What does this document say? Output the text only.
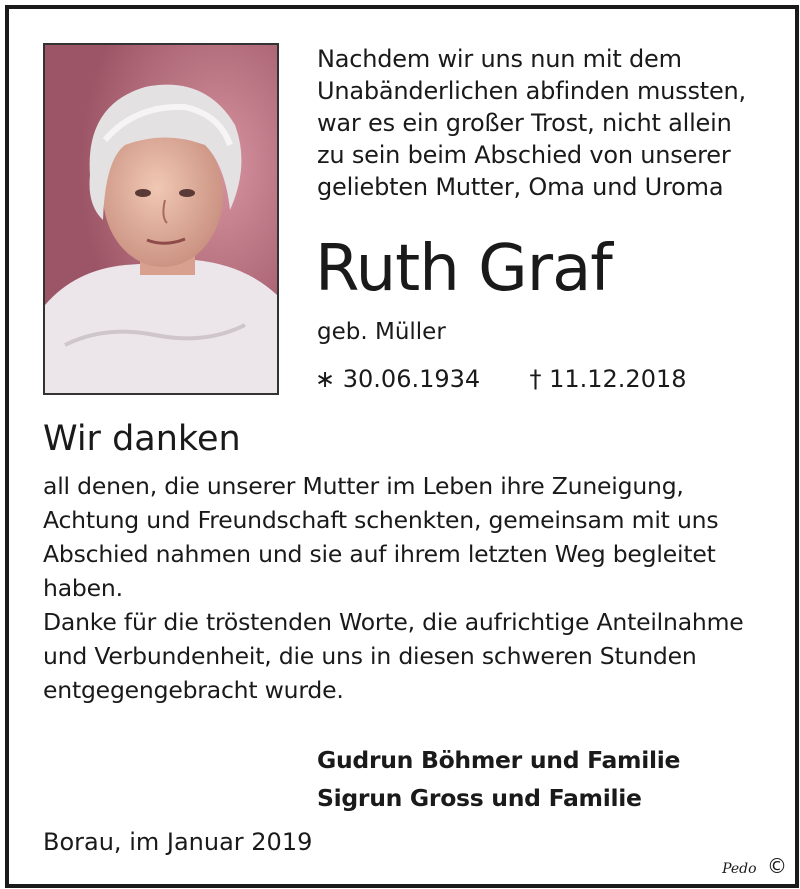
Nachdem wir uns nun mit dem
Unabänderlichen abfinden mussten,
war es ein großer Trost, nicht allein
zu sein beim Abschied von unserer
geliebten Mutter, Oma und Uroma
Ruth Graf
geb. Müller
∗ 30.06.1934 † 11.12.2018
Wir danken
all denen, die unserer Mutter im Leben ihre Zuneigung,
Achtung und Freundschaft schenkten, gemeinsam mit uns
Abschied nahmen und sie auf ihrem letzten Weg begleitet
haben.
Danke für die tröstenden Worte, die aufrichtige Anteilnahme
und Verbundenheit, die uns in diesen schweren Stunden
entgegengebracht wurde.
Gudrun Böhmer und Familie
Sigrun Gross und Familie
Borau, im Januar 2019
Pedo ©
